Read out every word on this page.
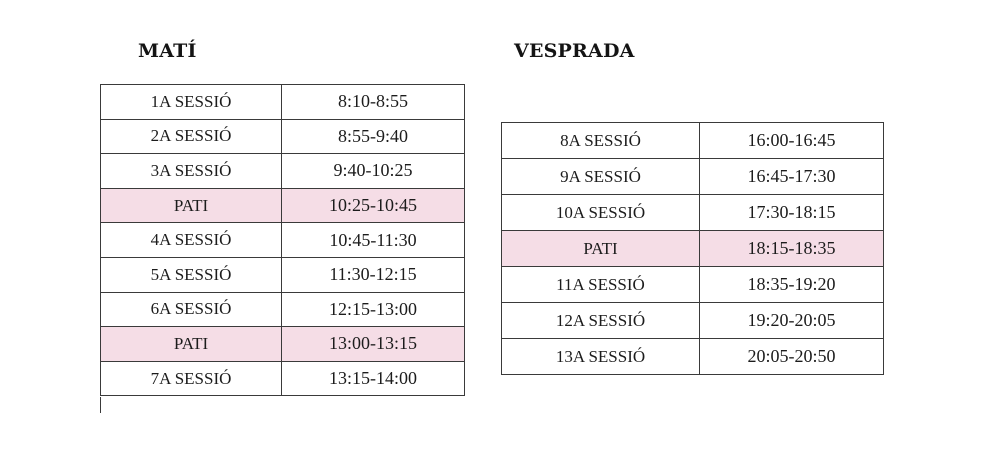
MATÍ	VESPRADA
1A SESSIÓ	8:10-8:55
2A SESSIÓ	8:55-9:40
3A SESSIÓ	9:40-10:25
PATI	10:25-10:45
4A SESSIÓ	10:45-11:30
5A SESSIÓ	11:30-12:15
6A SESSIÓ	12:15-13:00
PATI	13:00-13:15
7A SESSIÓ	13:15-14:00
8A SESSIÓ	16:00-16:45
9A SESSIÓ	16:45-17:30
10A SESSIÓ	17:30-18:15
PATI	18:15-18:35
11A SESSIÓ	18:35-19:20
12A SESSIÓ	19:20-20:05
13A SESSIÓ	20:05-20:50
